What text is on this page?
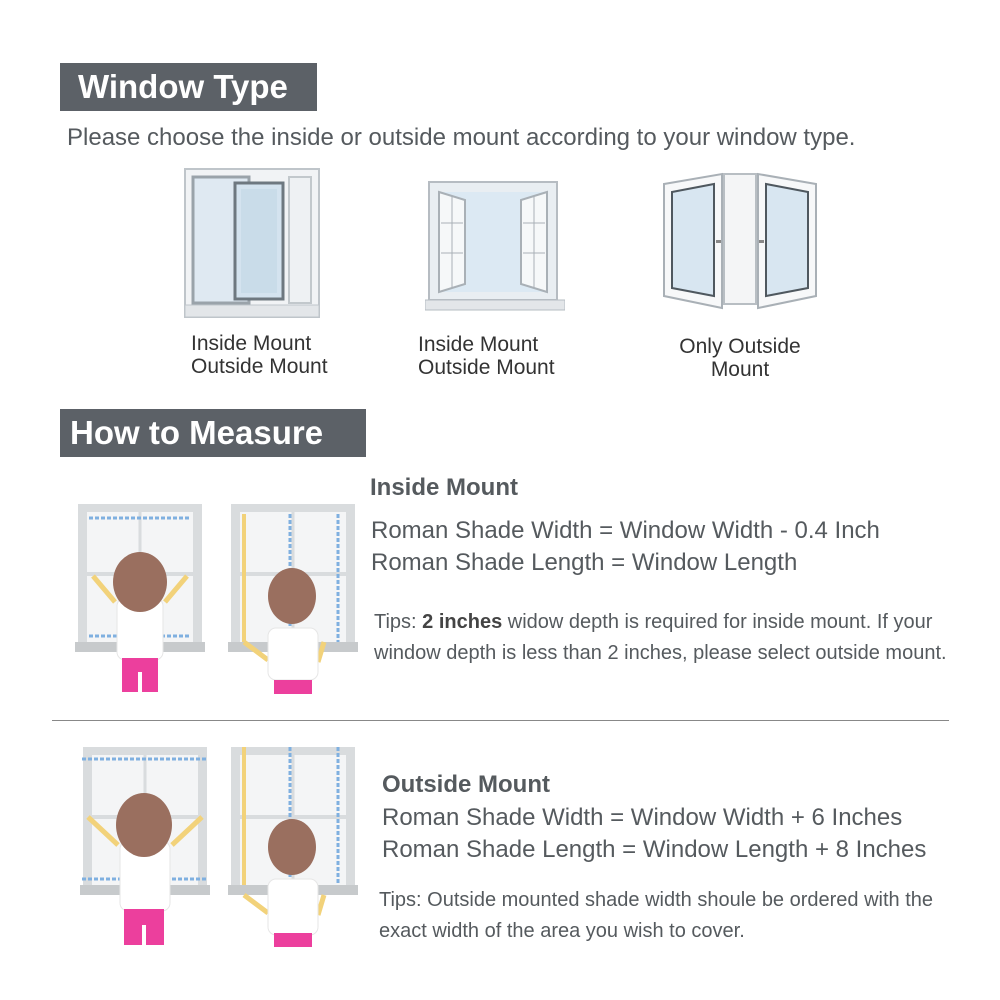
Window Type
Please choose the inside or outside mount according to your window type.
Inside Mount
Outside Mount
Inside Mount
Outside Mount
Only Outside
Mount
How to Measure
Inside Mount
Roman Shade Width = Window Width - 0.4 Inch
Roman Shade Length = Window Length
Tips: 2 inches widow depth is required for inside mount. If your window depth is less than 2 inches, please select outside mount.
Outside Mount
Roman Shade Width = Window Width + 6 Inches
Roman Shade Length = Window Length + 8 Inches
Tips: Outside mounted shade width shoule be ordered with the exact width of the area you wish to cover.
